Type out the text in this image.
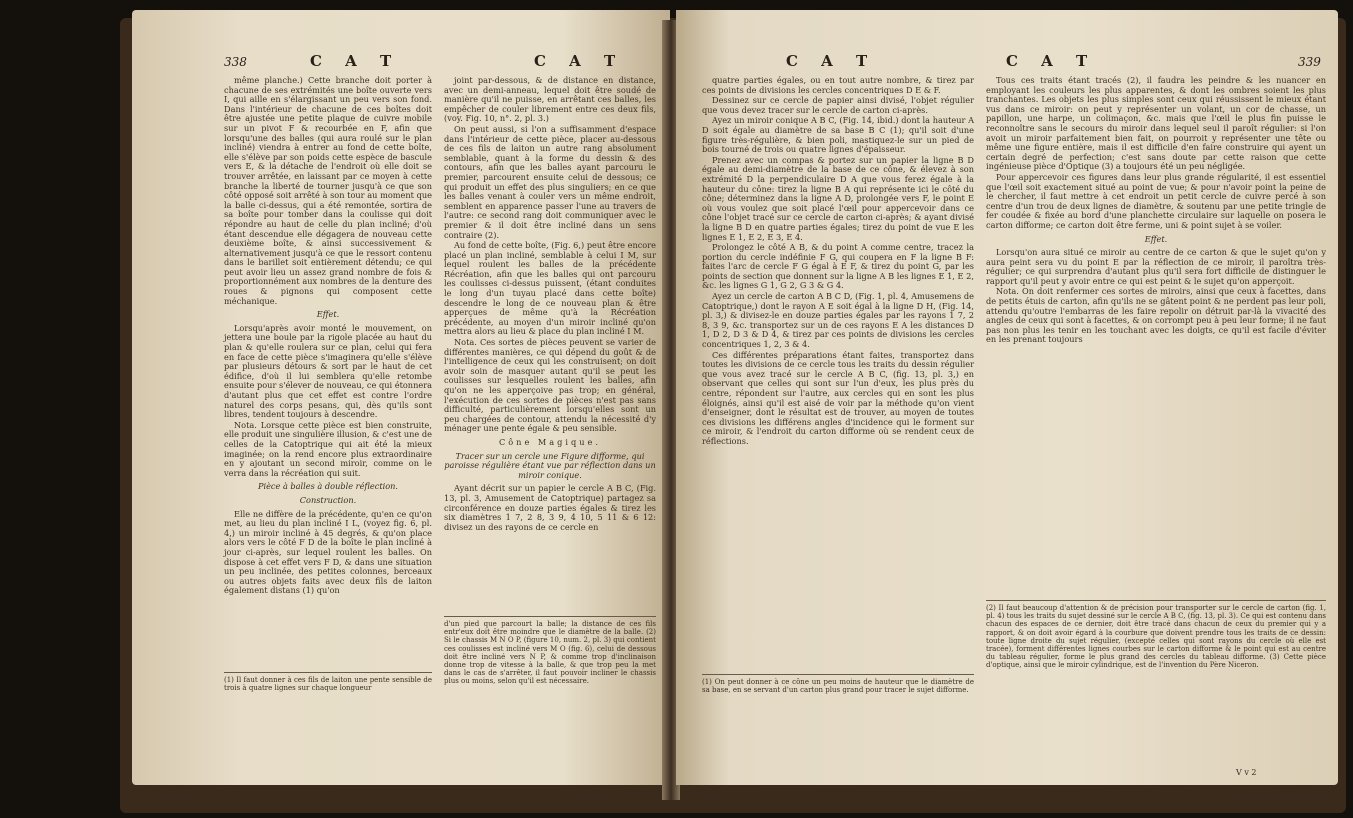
338	C A T	C A T

même planche.) Cette branche doit porter à chacune de ses extrémités une boîte ouverte vers I, qui aille en s'élargissant un peu vers son fond. Dans l'intérieur de chacune de ces boîtes doit être ajustée une petite plaque de cuivre mobile sur un pivot F & recourbée en F, afin que lorsqu'une des balles (qui aura roulé sur le plan incliné) viendra à entrer au fond de cette boîte, elle s'élève par son poids cette espèce de bascule vers E, & la détache de l'endroit où elle doit se trouver arrêtée, en laissant par ce moyen à cette branche la liberté de tourner jusqu'à ce que son côté opposé soit arrêté à son tour au moment que la balle ci-dessus, qui a été remontée, sortira de sa boîte pour tomber dans la coulisse qui doit répondre au haut de celle du plan incliné; d'où étant descendue elle dégagera de nouveau cette deuxième boîte, & ainsi successivement & alternativement jusqu'à ce que le ressort contenu dans le barillet soit entièrement détendu; ce qui peut avoir lieu un assez grand nombre de fois & proportionnément aux nombres de la denture des roues & pignons qui composent cette méchanique.

Effet.

Lorsqu'après avoir monté le mouvement, on jettera une boule par la rigole placée au haut du plan & qu'elle roulera sur ce plan, celui qui fera en face de cette pièce s'imaginera qu'elle s'élève par plusieurs détours & sort par le haut de cet édifice, d'où il lui semblera qu'elle retombe ensuite pour s'élever de nouveau, ce qui étonnera d'autant plus que cet effet est contre l'ordre naturel des corps pesans, qui, dès qu'ils sont libres, tendent toujours à descendre.

Nota. Lorsque cette pièce est bien construite, elle produit une singulière illusion, & c'est une de celles de la Catoptrique qui ait été la mieux imaginée; on la rend encore plus extraordinaire en y ajoutant un second miroir, comme on le verra dans la récréation qui suit.

Pièce à balles à double réflection.

Construction.

Elle ne diffère de la précédente, qu'en ce qu'on met, au lieu du plan incliné I L, (voyez fig. 6, pl. 4,) un miroir incliné à 45 degrés, & qu'on place alors vers le côté F D de la boîte le plan incliné à jour ci-après, sur lequel roulent les balles. On dispose à cet effet vers F D, & dans une situation un peu inclinée, des petites colonnes, berceaux ou autres objets faits avec deux fils de laiton également distans (1) qu'on

(1) Il faut donner à ces fils de laiton une pente sensible de trois à quatre lignes sur chaque longueur

joint par-dessous, & de distance en distance, avec un demi-anneau, lequel doit être soudé de manière qu'il ne puisse, en arrêtant ces balles, les empêcher de couler librement entre ces deux fils, (voy. Fig. 10, n°. 2, pl. 3.)

On peut aussi, si l'on a suffisamment d'espace dans l'intérieur de cette pièce, placer au-dessous de ces fils de laiton un autre rang absolument semblable, quant à la forme du dessin & des contours, afin que les balles ayant parcouru le premier, parcourent ensuite celui de dessous; ce qui produit un effet des plus singuliers; en ce que les balles venant à couler vers un même endroit, semblent en apparence passer l'une au travers de l'autre: ce second rang doit communiquer avec le premier & il doit être incliné dans un sens contraire (2).

Au fond de cette boîte, (Fig. 6,) peut être encore placé un plan incliné, semblable à celui I M, sur lequel roulent les balles de la précédente Récréation, afin que les balles qui ont parcouru les coulisses ci-dessus puissent, (étant conduites le long d'un tuyau placé dans cette boîte) descendre le long de ce nouveau plan & être apperçues de même qu'à la Récréation précédente, au moyen d'un miroir incliné qu'on mettra alors au lieu & place du plan incliné I M.

Nota. Ces sortes de pièces peuvent se varier de différentes manières, ce qui dépend du goût & de l'intelligence de ceux qui les construisent; on doit avoir soin de masquer autant qu'il se peut les coulisses sur lesquelles roulent les balles, afin qu'on ne les apperçoive pas trop; en général, l'exécution de ces sortes de pièces n'est pas sans difficulté, particulièrement lorsqu'elles sont un peu chargées de contour, attendu la nécessité d'y ménager une pente égale & peu sensible.

Cône Magique.

Tracer sur un cercle une Figure difforme, qui paroisse régulière étant vue par réflection dans un miroir conique.

Ayant décrit sur un papier le cercle A B C, (Fig. 13, pl. 3, Amusement de Catoptrique) partagez sa circonférence en douze parties égales & tirez les six diamètres 1 7, 2 8, 3 9, 4 10, 5 11 & 6 12: divisez un des rayons de ce cercle en

d'un pied que parcourt la balle; la distance de ces fils entr'eux doit être moindre que le diamètre de la balle. (2) Si le chassis M N O P, (figure 10, num. 2, pl. 3) qui contient ces coulisses est incliné vers M O (fig. 6), celui de dessous doit être incliné vers N P, & comme trop d'inclinaison donne trop de vitesse à la balle, & que trop peu la met dans le cas de s'arrêter, il faut pouvoir incliner le chassis plus ou moins, selon qu'il est nécessaire.
C A T	C A T	339

quatre parties égales, ou en tout autre nombre, & tirez par ces points de divisions les cercles concentriques D E & F.

Dessinez sur ce cercle de papier ainsi divisé, l'objet régulier que vous devez tracer sur le cercle de carton ci-après.

Ayez un miroir conique A B C, (Fig. 14, ibid.) dont la hauteur A D soit égale au diamètre de sa base B C (1); qu'il soit d'une figure très-régulière, & bien poli, mastiquez-le sur un pied de bois tourné de trois ou quatre lignes d'épaisseur.

Prenez avec un compas & portez sur un papier la ligne B D égale au demi-diamètre de la base de ce cône, & élevez à son extrémité D la perpendiculaire D A que vous ferez égale à la hauteur du cône: tirez la ligne B A qui représente ici le côté du cône; déterminez dans la ligne A D, prolongée vers F, le point E où vous voulez que soit placé l'œil pour appercevoir dans ce cône l'objet tracé sur ce cercle de carton ci-après; & ayant divisé la ligne B D en quatre parties égales; tirez du point de vue E les lignes E 1, E 2, E 3, E 4.

Prolongez le côté A B, & du point A comme centre, tracez la portion du cercle indéfinie F G, qui coupera en F la ligne B F: faites l'arc de cercle F G égal à E F, & tirez du point G, par les points de section que donnent sur la ligne A B les lignes E 1, E 2, &c. les lignes G 1, G 2, G 3 & G 4.

Ayez un cercle de carton A B C D, (Fig. 1, pl. 4, Amusemens de Catoptrique,) dont le rayon A E soit égal à la ligne D H, (Fig. 14, pl. 3,) & divisez-le en douze parties égales par les rayons 1 7, 2 8, 3 9, &c. transportez sur un de ces rayons E A les distances D 1, D 2, D 3 & D 4, & tirez par ces points de divisions les cercles concentriques 1, 2, 3 & 4.

Ces différentes préparations étant faites, transportez dans toutes les divisions de ce cercle tous les traits du dessin régulier que vous avez tracé sur le cercle A B C, (fig. 13, pl. 3,) en observant que celles qui sont sur l'un d'eux, les plus près du centre, répondent sur l'autre, aux cercles qui en sont les plus éloignés, ainsi qu'il est aisé de voir par la méthode qu'on vient d'enseigner, dont le résultat est de trouver, au moyen de toutes ces divisions les différens angles d'incidence qui le forment sur ce miroir, & l'endroit du carton difforme où se rendent ceux de réflections.

(1) On peut donner à ce cône un peu moins de hauteur que le diamètre de sa base, en se servant d'un carton plus grand pour tracer le sujet difforme.

Tous ces traits étant tracés (2), il faudra les peindre & les nuancer en employant les couleurs les plus apparentes, & dont les ombres soient les plus tranchantes. Les objets les plus simples sont ceux qui réussissent le mieux étant vus dans ce miroir: on peut y représenter un volant, un cor de chasse, un papillon, une harpe, un colimaçon, &c. mais que l'œil le plus fin puisse le reconnoître sans le secours du miroir dans lequel seul il paroît régulier: si l'on avoit un miroir parfaitement bien fait, on pourroit y représenter une tête ou même une figure entière, mais il est difficile d'en faire construire qui ayent un certain degré de perfection; c'est sans doute par cette raison que cette ingénieuse pièce d'Optique (3) a toujours été un peu négligée.

Pour appercevoir ces figures dans leur plus grande régularité, il est essentiel que l'œil soit exactement situé au point de vue; & pour n'avoir point la peine de le chercher, il faut mettre à cet endroit un petit cercle de cuivre percé à son centre d'un trou de deux lignes de diamètre, & soutenu par une petite tringle de fer coudée & fixée au bord d'une planchette circulaire sur laquelle on posera le carton difforme; ce carton doit être ferme, uni & point sujet à se voiler.

Effet.

Lorsqu'on aura situé ce miroir au centre de ce carton & que le sujet qu'on y aura peint sera vu du point E par la réflection de ce miroir, il paroîtra très-régulier; ce qui surprendra d'autant plus qu'il sera fort difficile de distinguer le rapport qu'il peut y avoir entre ce qui est peint & le sujet qu'on apperçoit.

Nota. On doit renfermer ces sortes de miroirs, ainsi que ceux à facettes, dans de petits étuis de carton, afin qu'ils ne se gâtent point & ne perdent pas leur poli, attendu qu'outre l'embarras de les faire repolir on détruit par-là la vivacité des angles de ceux qui sont à facettes, & on corrompt peu à peu leur forme; il ne faut pas non plus les tenir en les touchant avec les doigts, ce qu'il est facile d'éviter en les prenant toujours

(2) Il faut beaucoup d'attention & de précision pour transporter sur le cercle de carton (fig. 1, pl. 4) tous les traits du sujet dessiné sur le cercle A B C, (fig. 13, pl. 3). Ce qui est contenu dans chacun des espaces de ce dernier, doit être tracé dans chacun de ceux du premier qui y a rapport, & on doit avoir égard à la courbure que doivent prendre tous les traits de ce dessin: toute ligne droite du sujet régulier, (excepté celles qui sont rayons du cercle où elle est tracée), forment différentes lignes courbes sur le carton difforme & le point qui est au centre du tableau régulier, forme le plus grand des cercles du tableau difforme. (3) Cette pièce d'optique, ainsi que le miroir cylindrique, est de l'invention du Père Niceron.
V v 2
